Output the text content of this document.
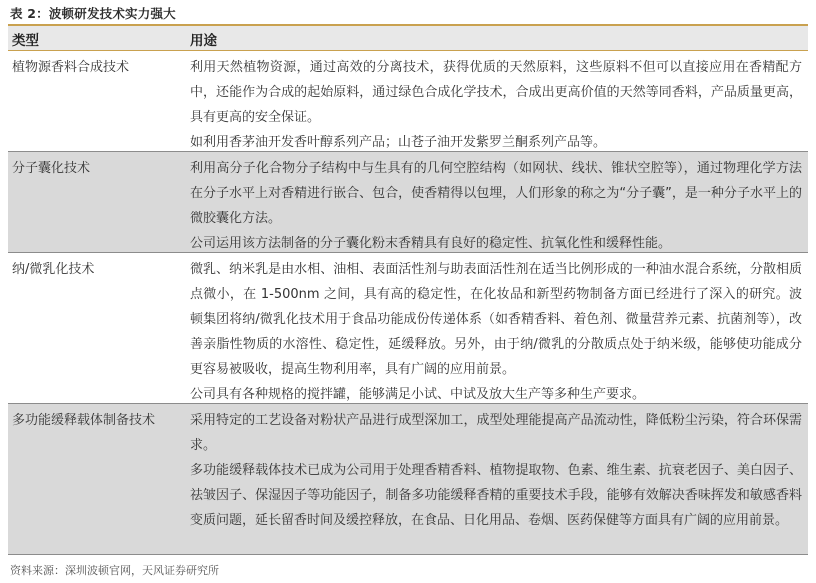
表 2：波顿研发技术实力强大
类型	用途
植物源香料合成技术	利用天然植物资源，通过高效的分离技术，获得优质的天然原料，这些原料不但可以直接应用在香精配方中，还能作为合成的起始原料，通过绿色合成化学技术，合成出更高价值的天然等同香料，产品质量更高，具有更高的安全保证。

如利用香茅油开发香叶醇系列产品；山苍子油开发紫罗兰酮系列产品等。

分子囊化技术	利用高分子化合物分子结构中与生具有的几何空腔结构（如网状、线状、锥状空腔等），通过物理化学方法在分子水平上对香精进行嵌合、包合，使香精得以包埋，人们形象的称之为“分子囊”，是一种分子水平上的微胶囊化方法。

公司运用该方法制备的分子囊化粉末香精具有良好的稳定性、抗氧化性和缓释性能。

纳/微乳化技术	微乳、纳米乳是由水相、油相、表面活性剂与助表面活性剂在适当比例形成的一种油水混合系统，分散相质点微小，在 1-500nm 之间，具有高的稳定性，在化妆品和新型药物制备方面已经进行了深入的研究。波顿集团将纳/微乳化技术用于食品功能成份传递体系（如香精香料、着色剂、微量营养元素、抗菌剂等），改善亲脂性物质的水溶性、稳定性，延缓释放。另外，由于纳/微乳的分散质点处于纳米级，能够使功能成分更容易被吸收，提高生物利用率，具有广阔的应用前景。

公司具有各种规格的搅拌罐，能够满足小试、中试及放大生产等多种生产要求。

多功能缓释载体制备技术	采用特定的工艺设备对粉状产品进行成型深加工，成型处理能提高产品流动性，降低粉尘污染，符合环保需求。

多功能缓释载体技术已成为公司用于处理香精香料、植物提取物、色素、维生素、抗衰老因子、美白因子、祛皱因子、保湿因子等功能因子，制备多功能缓释香精的重要技术手段，能够有效解决香味挥发和敏感香料变质问题，延长留香时间及缓控释放，在食品、日化用品、卷烟、医药保健等方面具有广阔的应用前景。

资料来源：深圳波顿官网，天风证券研究所
